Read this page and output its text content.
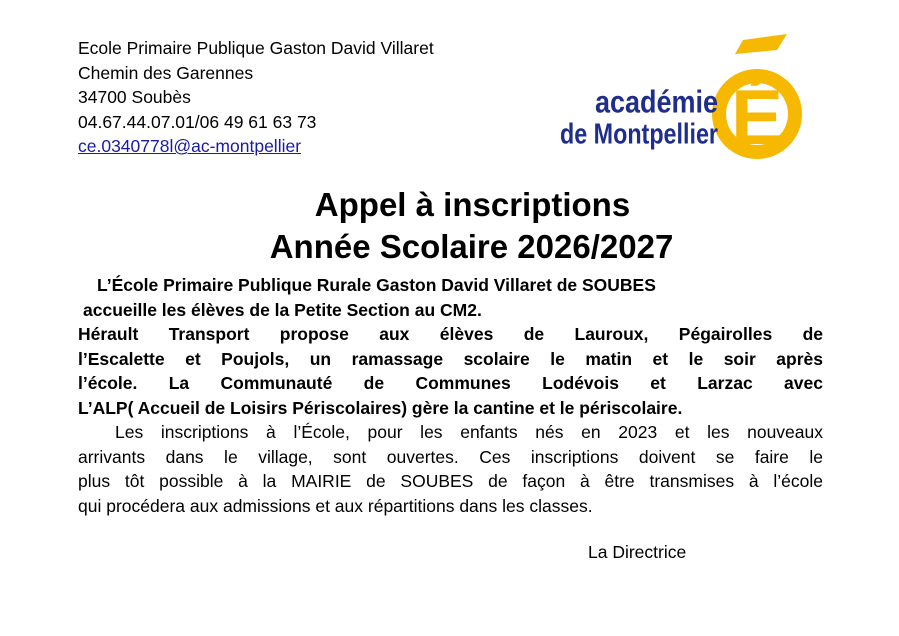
Ecole Primaire Publique Gaston David Villaret
Chemin des Garennes
34700 Soubès
04.67.44.07.01/06 49 61 63 73
ce.0340778l@ac-montpellier	É
académie
de Montpellier
Appel à inscriptions
Année Scolaire 2026/2027
L’École Primaire Publique Rurale Gaston David Villaret de SOUBES
accueille les élèves de la Petite Section au CM2.
Hérault Transport propose aux élèves de Lauroux, Pégairolles de
l’Escalette et Poujols, un ramassage scolaire le matin et le soir après
l’école. La Communauté de Communes Lodévois et Larzac avec
L’ALP( Accueil de Loisirs Périscolaires) gère la cantine et le périscolaire.
Les inscriptions à l’École, pour les enfants nés en 2023 et les nouveaux
arrivants dans le village, sont ouvertes. Ces inscriptions doivent se faire le
plus tôt possible à la MAIRIE de SOUBES de façon à être transmises à l’école
qui procédera aux admissions et aux répartitions dans les classes.
La Directrice
